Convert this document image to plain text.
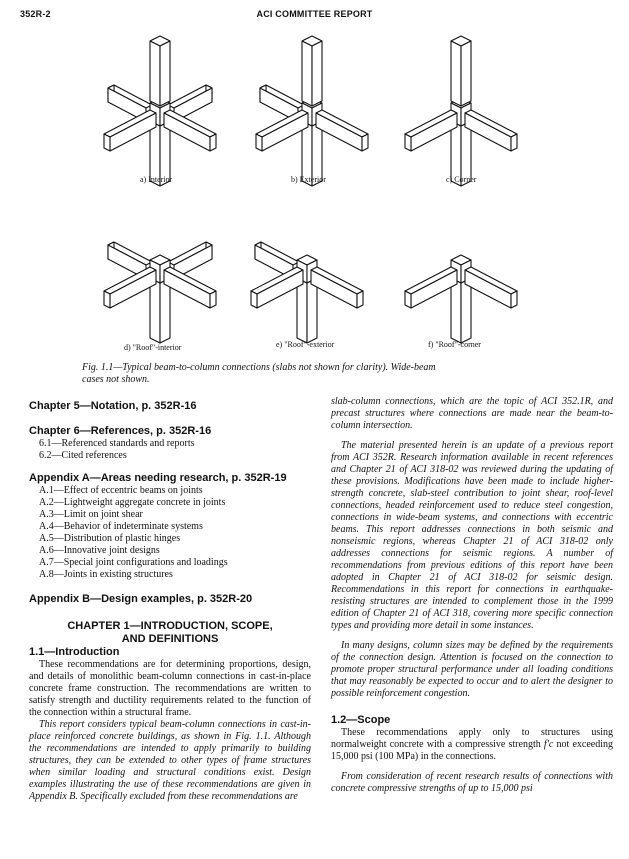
352R-2	ACI COMMITTEE REPORT
a) Interior	b) Exterior	c) Corner
d) "Roof"-interior	e) "Roof"-exterior	f) "Roof"-corner
Fig. 1.1—Typical beam-to-column connections (slabs not shown for clarity). Wide-beam
cases not shown.
Chapter 5—Notation, p. 352R-16
Chapter 6—References, p. 352R-16
6.1—Referenced standards and reports
6.2—Cited references
Appendix A—Areas needing research, p. 352R-19
A.1—Effect of eccentric beams on joints
A.2—Lightweight aggregate concrete in joints
A.3—Limit on joint shear
A.4—Behavior of indeterminate systems
A.5—Distribution of plastic hinges
A.6—Innovative joint designs
A.7—Special joint configurations and loadings
A.8—Joints in existing structures
Appendix B—Design examples, p. 352R-20
CHAPTER 1—INTRODUCTION, SCOPE,
AND DEFINITIONS
1.1—Introduction

These recommendations are for determining proportions, design, and details of monolithic beam-column connections in cast-in-place concrete frame construction. The recommendations are written to satisfy strength and ductility requirements related to the function of the connection within a structural frame.

This report considers typical beam-column connections in cast-in-place reinforced concrete buildings, as shown in Fig. 1.1. Although the recommendations are intended to apply primarily to building structures, they can be extended to other types of frame structures when similar loading and structural conditions exist. Design examples illustrating the use of these recommendations are given in Appendix B. Specifically excluded from these recommendations are

slab-column connections, which are the topic of ACI 352.1R, and precast structures where connections are made near the beam-to-column intersection.

The material presented herein is an update of a previous report from ACI 352R. Research information available in recent references and Chapter 21 of ACI 318-02 was reviewed during the updating of these provisions. Modifications have been made to include higher-strength concrete, slab-steel contribution to joint shear, roof-level connections, headed reinforcement used to reduce steel congestion, connections in wide-beam systems, and connections with eccentric beams. This report addresses connections in both seismic and nonseismic regions, whereas Chapter 21 of ACI 318-02 only addresses connections for seismic regions. A number of recommendations from previous editions of this report have been adopted in Chapter 21 of ACI 318-02 for seismic design. Recommendations in this report for connections in earthquake-resisting structures are intended to complement those in the 1999 edition of Chapter 21 of ACI 318, covering more specific connection types and providing more detail in some instances.

In many designs, column sizes may be defined by the requirements of the connection design. Attention is focused on the connection to promote proper structural performance under all loading conditions that may reasonably be expected to occur and to alert the designer to possible reinforcement congestion.

1.2—Scope

These recommendations apply only to structures using normalweight concrete with a compressive strength f′c not exceeding 15,000 psi (100 MPa) in the connections.

From consideration of recent research results of connections with concrete compressive strengths of up to 15,000 psi
